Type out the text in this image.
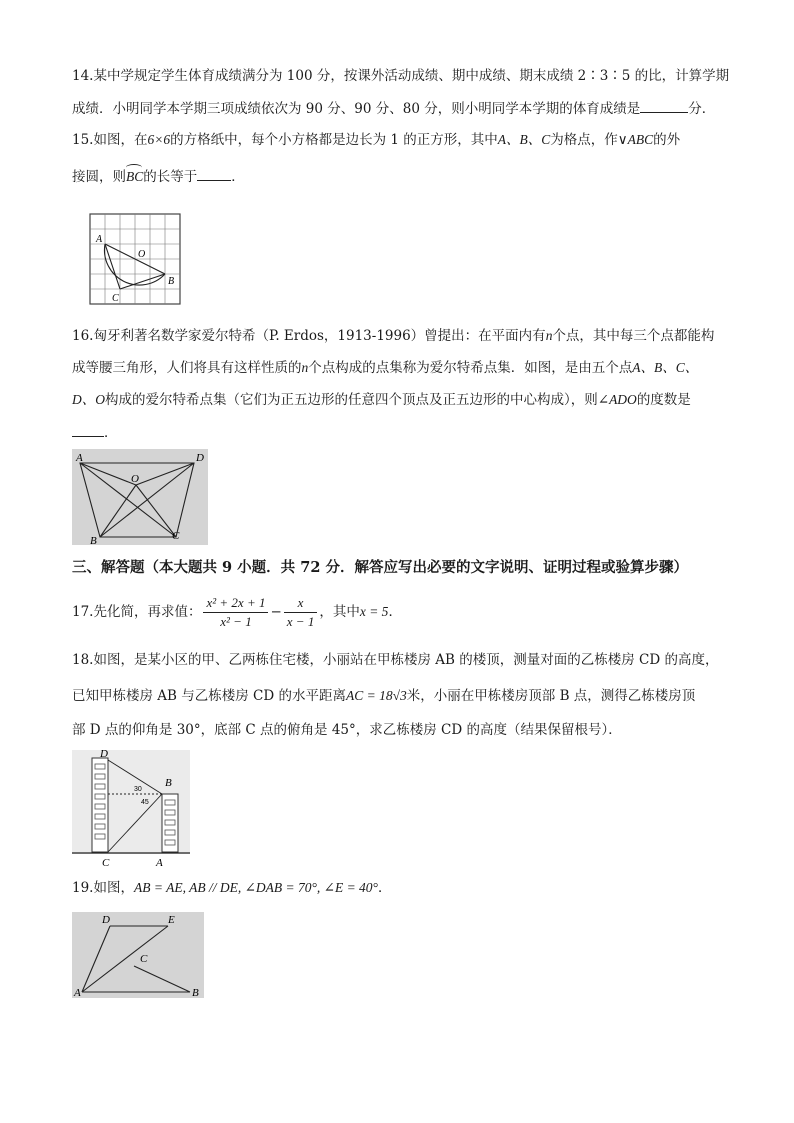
14.某中学规定学生体育成绩满分为 100 分，按课外活动成绩、期中成绩、期末成绩 2∶3∶5 的比，计算学期
成绩．小明同学本学期三项成绩依次为 90 分、90 分、80 分，则小明同学本学期的体育成绩是	分．
15.如图，在6×6的方格纸中，每个小方格都是边长为 1 的正方形，其中A、B、C为格点，作∨ABC的外
接圆，则BC的长等于	．
A
O
B
C
16.匈牙利著名数学家爱尔特希（P. Erdos，1913-1996）曾提出：在平面内有n个点，其中每三个点都能构
成等腰三角形，人们将具有这样性质的n个点构成的点集称为爱尔特希点集．如图，是由五个点A、B、C、
D、O构成的爱尔特希点集（它们为正五边形的任意四个顶点及正五边形的中心构成），则∠ADO的度数是
．
A	D
O
B	C
三、解答题（本大题共 9 小题．共 72 分．解答应写出必要的文字说明、证明过程或验算步骤）
17.先化简，再求值： $\frac{\text{x² + 2x + 1}}{\text{x² − 1}} - \frac{x}{x - 1}$ ，其中x = 5．
18.如图，是某小区的甲、乙两栋住宅楼，小丽站在甲栋楼房 AB 的楼顶，测量对面的乙栋楼房 CD 的高度，
已知甲栋楼房 AB 与乙栋楼房 CD 的水平距离AC = 18√3米，小丽在甲栋楼房顶部 B 点，测得乙栋楼房顶
部 D 点的仰角是 30°，底部 C 点的俯角是 45°，求乙栋楼房 CD 的高度（结果保留根号）．
D
B
C	A
30
45
19.如图，AB = AE, AB // DE, ∠DAB = 70°, ∠E = 40°．
D	E
C
A	B
